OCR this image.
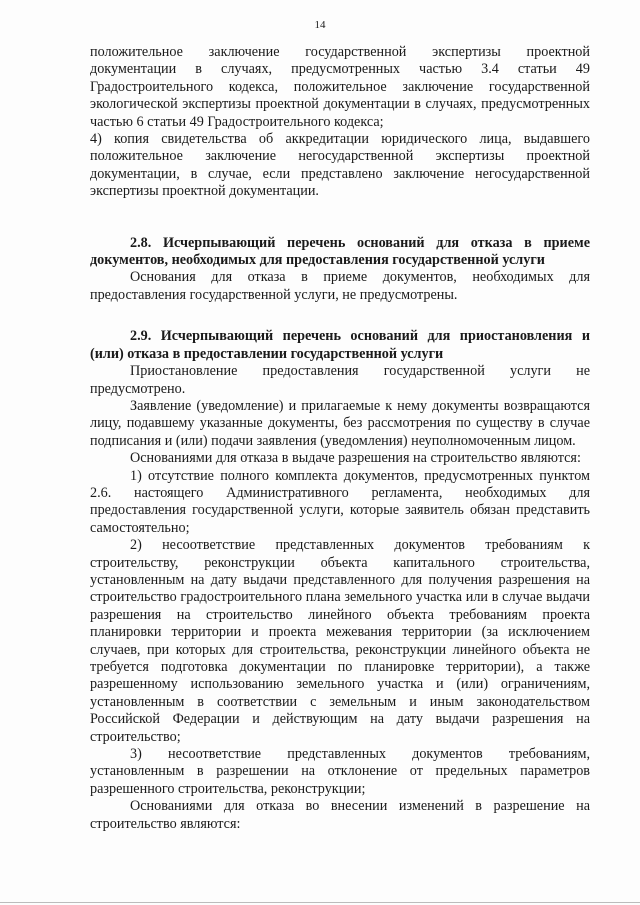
14

положительное заключение государственной экспертизы проектной документации в случаях, предусмотренных частью 3.4 статьи 49 Градостроительного кодекса, положительное заключение государственной экологической экспертизы проектной документации в случаях, предусмотренных частью 6 статьи 49 Градостроительного кодекса;

4) копия свидетельства об аккредитации юридического лица, выдавшего положительное заключение негосударственной экспертизы проектной документации, в случае, если представлено заключение негосударственной экспертизы проектной документации.

2.8. Исчерпывающий перечень оснований для отказа в приеме документов, необходимых для предоставления государственной услуги

Основания для отказа в приеме документов, необходимых для предоставления государственной услуги, не предусмотрены.

2.9. Исчерпывающий перечень оснований для приостановления и (или) отказа в предоставлении государственной услуги

Приостановление предоставления государственной услуги не предусмотрено.

Заявление (уведомление) и прилагаемые к нему документы возвращаются лицу, подавшему указанные документы, без рассмотрения по существу в случае подписания и (или) подачи заявления (уведомления) неуполномоченным лицом.

Основаниями для отказа в выдаче разрешения на строительство являются:

1) отсутствие полного комплекта документов, предусмотренных пунктом 2.6. настоящего Административного регламента, необходимых для предоставления государственной услуги, которые заявитель обязан представить самостоятельно;

2) несоответствие представленных документов требованиям к строительству, реконструкции объекта капитального строительства, установленным на дату выдачи представленного для получения разрешения на строительство градостроительного плана земельного участка или в случае выдачи разрешения на строительство линейного объекта требованиям проекта планировки территории и проекта межевания территории (за исключением случаев, при которых для строительства, реконструкции линейного объекта не требуется подготовка документации по планировке территории), а также разрешенному использованию земельного участка и (или) ограничениям, установленным в соответствии с земельным и иным законодательством Российской Федерации и действующим на дату выдачи разрешения на строительство;

3) несоответствие представленных документов требованиям, установленным в разрешении на отклонение от предельных параметров разрешенного строительства, реконструкции;

Основаниями для отказа во внесении изменений в разрешение на строительство являются:
